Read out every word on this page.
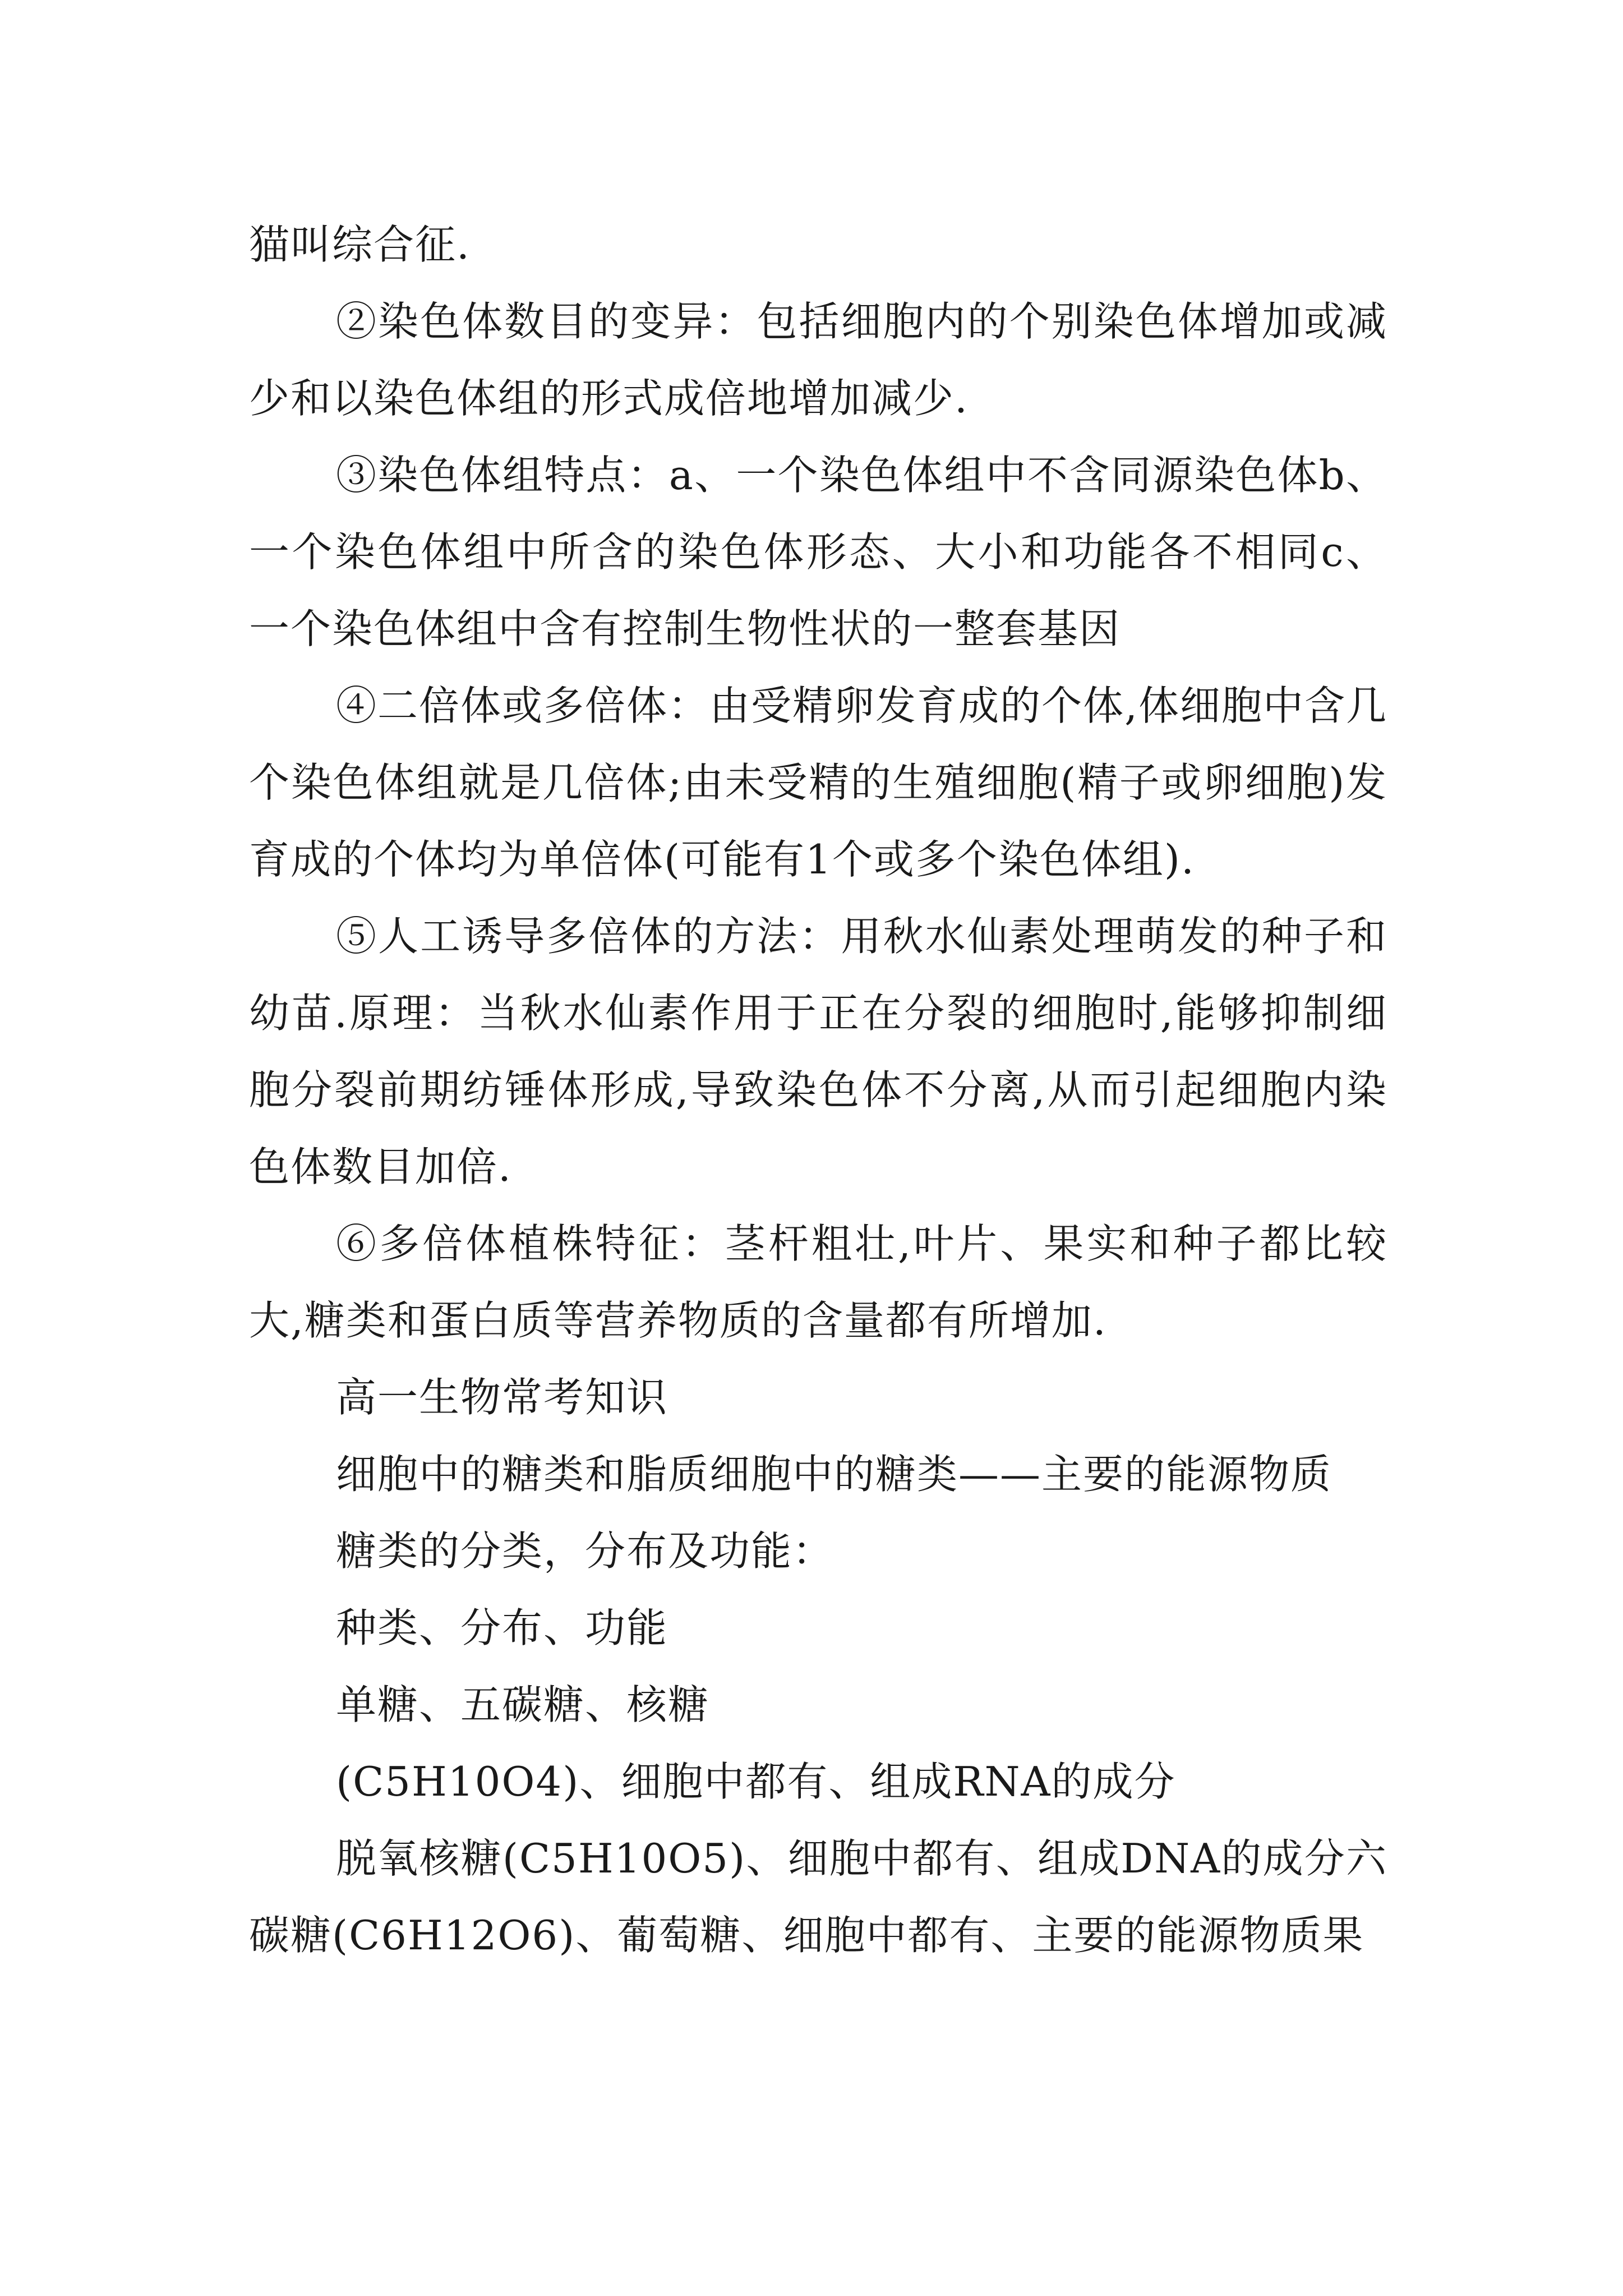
猫叫综合征.

②染色体数目的变异：包括细胞内的个别染色体增加或减少和以染色体组的形式成倍地增加减少.

③染色体组特点：a、一个染色体组中不含同源染色体b、一个染色体组中所含的染色体形态、大小和功能各不相同c、一个染色体组中含有控制生物性状的一整套基因

④二倍体或多倍体：由受精卵发育成的个体,体细胞中含几个染色体组就是几倍体;由未受精的生殖细胞(精子或卵细胞)发育成的个体均为单倍体(可能有1个或多个染色体组).

⑤人工诱导多倍体的方法：用秋水仙素处理萌发的种子和幼苗.原理：当秋水仙素作用于正在分裂的细胞时,能够抑制细胞分裂前期纺锤体形成,导致染色体不分离,从而引起细胞内染色体数目加倍.

⑥多倍体植株特征：茎杆粗壮,叶片、果实和种子都比较大,糖类和蛋白质等营养物质的含量都有所增加.

高一生物常考知识

细胞中的糖类和脂质细胞中的糖类——主要的能源物质

糖类的分类，分布及功能：

种类、分布、功能

单糖、五碳糖、核糖

(C5H10O4)、细胞中都有、组成RNA的成分

脱氧核糖(C5H10O5)、细胞中都有、组成DNA的成分六碳糖(C6H12O6)、葡萄糖、细胞中都有、主要的能源物质果
